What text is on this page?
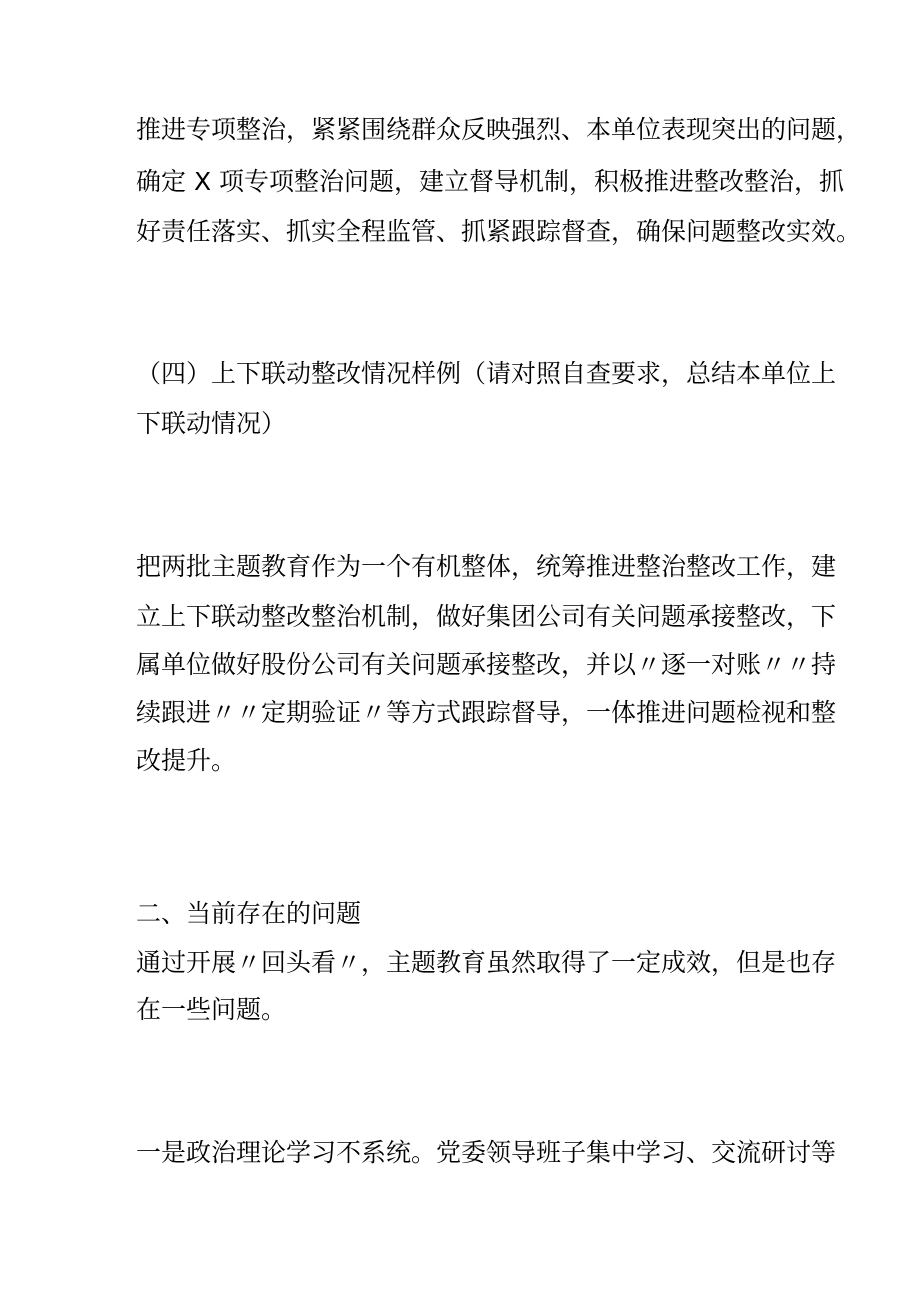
推进专项整治，紧紧围绕群众反映强烈、本单位表现突出的问题，
确定 X 项专项整治问题，建立督导机制，积极推进整改整治，抓
好责任落实、抓实全程监管、抓紧跟踪督查，确保问题整改实效。
（四）上下联动整改情况样例（请对照自查要求，总结本单位上
下联动情况）
把两批主题教育作为一个有机整体，统筹推进整治整改工作，建
立上下联动整改整治机制，做好集团公司有关问题承接整改，下
属单位做好股份公司有关问题承接整改，并以〃逐一对账〃〃持
续跟进〃〃定期验证〃等方式跟踪督导，一体推进问题检视和整
改提升。
二、当前存在的问题
通过开展〃回头看〃，主题教育虽然取得了一定成效，但是也存
在一些问题。
一是政治理论学习不系统。党委领导班子集中学习、交流研讨等
